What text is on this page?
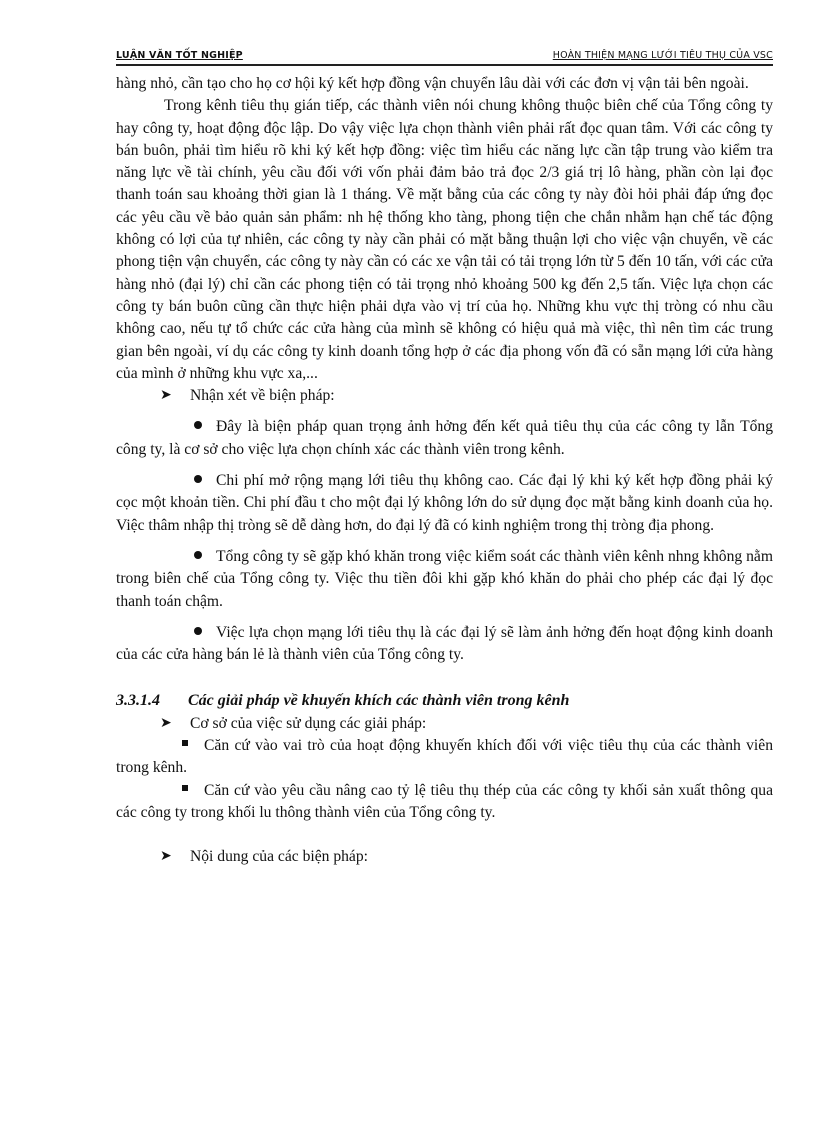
LUẬN VĂN TỐT NGHIỆP	HOÀN THIỆN MẠNG LƯỚI TIÊU THỤ CỦA VSC

hàng nhỏ, cần tạo cho họ cơ hội ký kết hợp đồng vận chuyển lâu dài với các đơn vị vận tải bên ngoài.

Trong kênh tiêu thụ gián tiếp, các thành viên nói chung không thuộc biên chế của Tổng công ty hay công ty, hoạt động độc lập. Do vậy việc lựa chọn thành viên phải rất đọc quan tâm. Với các công ty bán buôn, phải tìm hiểu rõ khi ký kết hợp đồng: việc tìm hiểu các năng lực cần tập trung vào kiểm tra năng lực về tài chính, yêu cầu đối với vốn phải đảm bảo trả đọc 2/3 giá trị lô hàng, phần còn lại đọc thanh toán sau khoảng thời gian là 1 tháng. Về mặt bằng của các công ty này đòi hỏi phải đáp ứng đọc các yêu cầu về bảo quản sản phẩm: nh hệ thống kho tàng, phong tiện che chắn nhằm hạn chế tác động không có lợi của tự nhiên, các công ty này cần phải có mặt bằng thuận lợi cho việc vận chuyển, về các phong tiện vận chuyển, các công ty này cần có các xe vận tải có tải trọng lớn từ 5 đến 10 tấn, với các cửa hàng nhỏ (đại lý) chỉ cần các phong tiện có tải trọng nhỏ khoảng 500 kg đến 2,5 tấn. Việc lựa chọn các công ty bán buôn cũng cần thực hiện phải dựa vào vị trí của họ. Những khu vực thị tròng có nhu cầu không cao, nếu tự tổ chức các cửa hàng của mình sẽ không có hiệu quả mà việc, thì nên tìm các trung gian bên ngoài, ví dụ các công ty kinh doanh tổng hợp ở các địa phong vốn đã có sẵn mạng lới cửa hàng của mình ở những khu vực xa,...

➤	Nhận xét về biện pháp:

Đây là biện pháp quan trọng ảnh hởng đến kết quả tiêu thụ của các công ty lẫn Tổng công ty, là cơ sở cho việc lựa chọn chính xác các thành viên trong kênh.

Chi phí mở rộng mạng lới tiêu thụ không cao. Các đại lý khi ký kết hợp đồng phải ký cọc một khoản tiền. Chi phí đầu t cho một đại lý không lớn do sử dụng đọc mặt bằng kinh doanh của họ. Việc thâm nhập thị tròng sẽ dễ dàng hơn, do đại lý đã có kinh nghiệm trong thị tròng địa phong.

Tổng công ty sẽ gặp khó khăn trong việc kiểm soát các thành viên kênh nhng không nằm trong biên chế của Tổng công ty. Việc thu tiền đôi khi gặp khó khăn do phải cho phép các đại lý đọc thanh toán chậm.

Việc lựa chọn mạng lới tiêu thụ là các đại lý sẽ làm ảnh hởng đến hoạt động kinh doanh của các cửa hàng bán lẻ là thành viên của Tổng công ty.

3.3.1.4 Các giải pháp về khuyến khích các thành viên trong kênh

➤	Cơ sở của việc sử dụng các giải pháp:

Căn cứ vào vai trò của hoạt động khuyến khích đối với việc tiêu thụ của các thành viên trong kênh.

Căn cứ vào yêu cầu nâng cao tỷ lệ tiêu thụ thép của các công ty khối sản xuất thông qua các công ty trong khối lu thông thành viên của Tổng công ty.

➤	Nội dung của các biện pháp:
